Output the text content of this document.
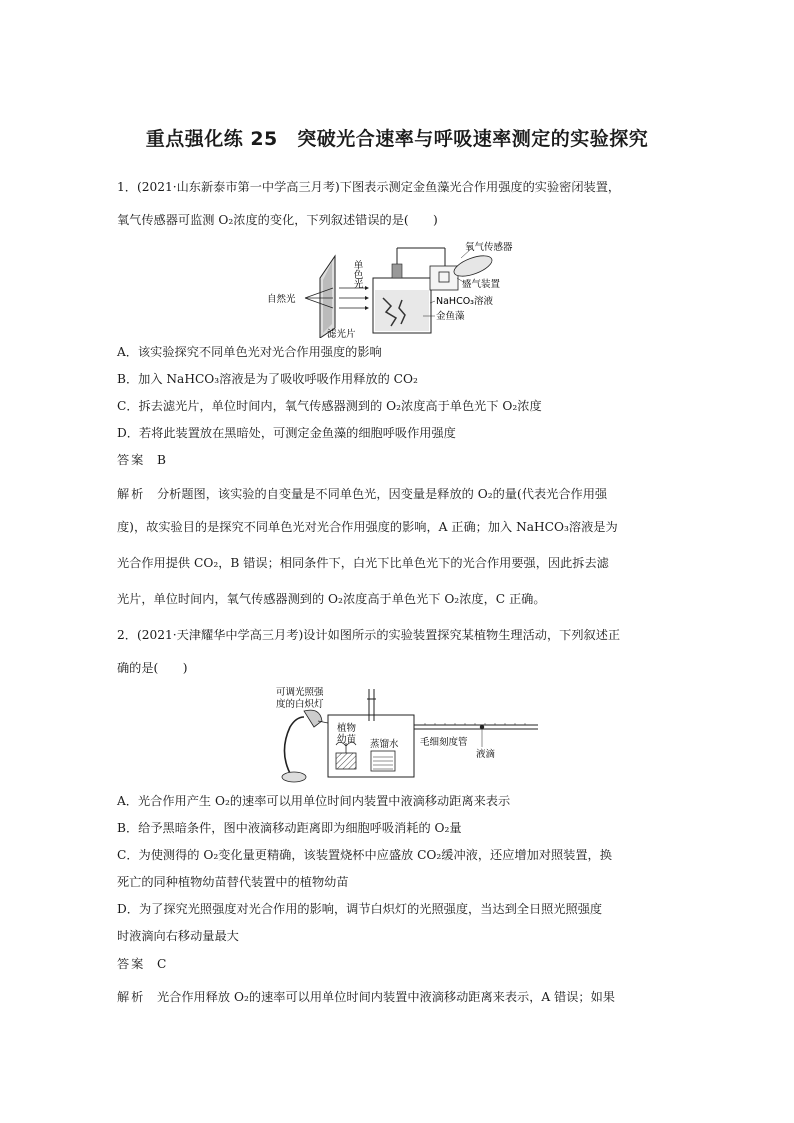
重点强化练 25　突破光合速率与呼吸速率测定的实验探究
1．(2021·山东新泰市第一中学高三月考)下图表示测定金鱼藻光合作用强度的实验密闭装置，
氧气传感器可监测 O₂浓度的变化，下列叙述错误的是(　　)
自然光
滤光片
单色光
氧气传感器
盛气装置
NaHCO₃溶液
金鱼藻
A．该实验探究不同单色光对光合作用强度的影响
B．加入 NaHCO₃溶液是为了吸收呼吸作用释放的 CO₂
C．拆去滤光片，单位时间内，氧气传感器测到的 O₂浓度高于单色光下 O₂浓度
D．若将此装置放在黑暗处，可测定金鱼藻的细胞呼吸作用强度
答案 B
解析 分析题图，该实验的自变量是不同单色光，因变量是释放的 O₂的量(代表光合作用强
度)，故实验目的是探究不同单色光对光合作用强度的影响，A 正确；加入 NaHCO₃溶液是为
光合作用提供 CO₂，B 错误；相同条件下，白光下比单色光下的光合作用要强，因此拆去滤
光片，单位时间内，氧气传感器测到的 O₂浓度高于单色光下 O₂浓度，C 正确。
2．(2021·天津耀华中学高三月考)设计如图所示的实验装置探究某植物生理活动，下列叙述正
确的是(　　)
可调光照强
度的白炽灯
植物
幼苗 蒸馏水 毛细刻度管
液滴
A．光合作用产生 O₂的速率可以用单位时间内装置中液滴移动距离来表示
B．给予黑暗条件，图中液滴移动距离即为细胞呼吸消耗的 O₂量
C．为使测得的 O₂变化量更精确，该装置烧杯中应盛放 CO₂缓冲液，还应增加对照装置，换
死亡的同种植物幼苗替代装置中的植物幼苗
D．为了探究光照强度对光合作用的影响，调节白炽灯的光照强度，当达到全日照光照强度
时液滴向右移动量最大
答案 C
解析 光合作用释放 O₂的速率可以用单位时间内装置中液滴移动距离来表示，A 错误；如果
